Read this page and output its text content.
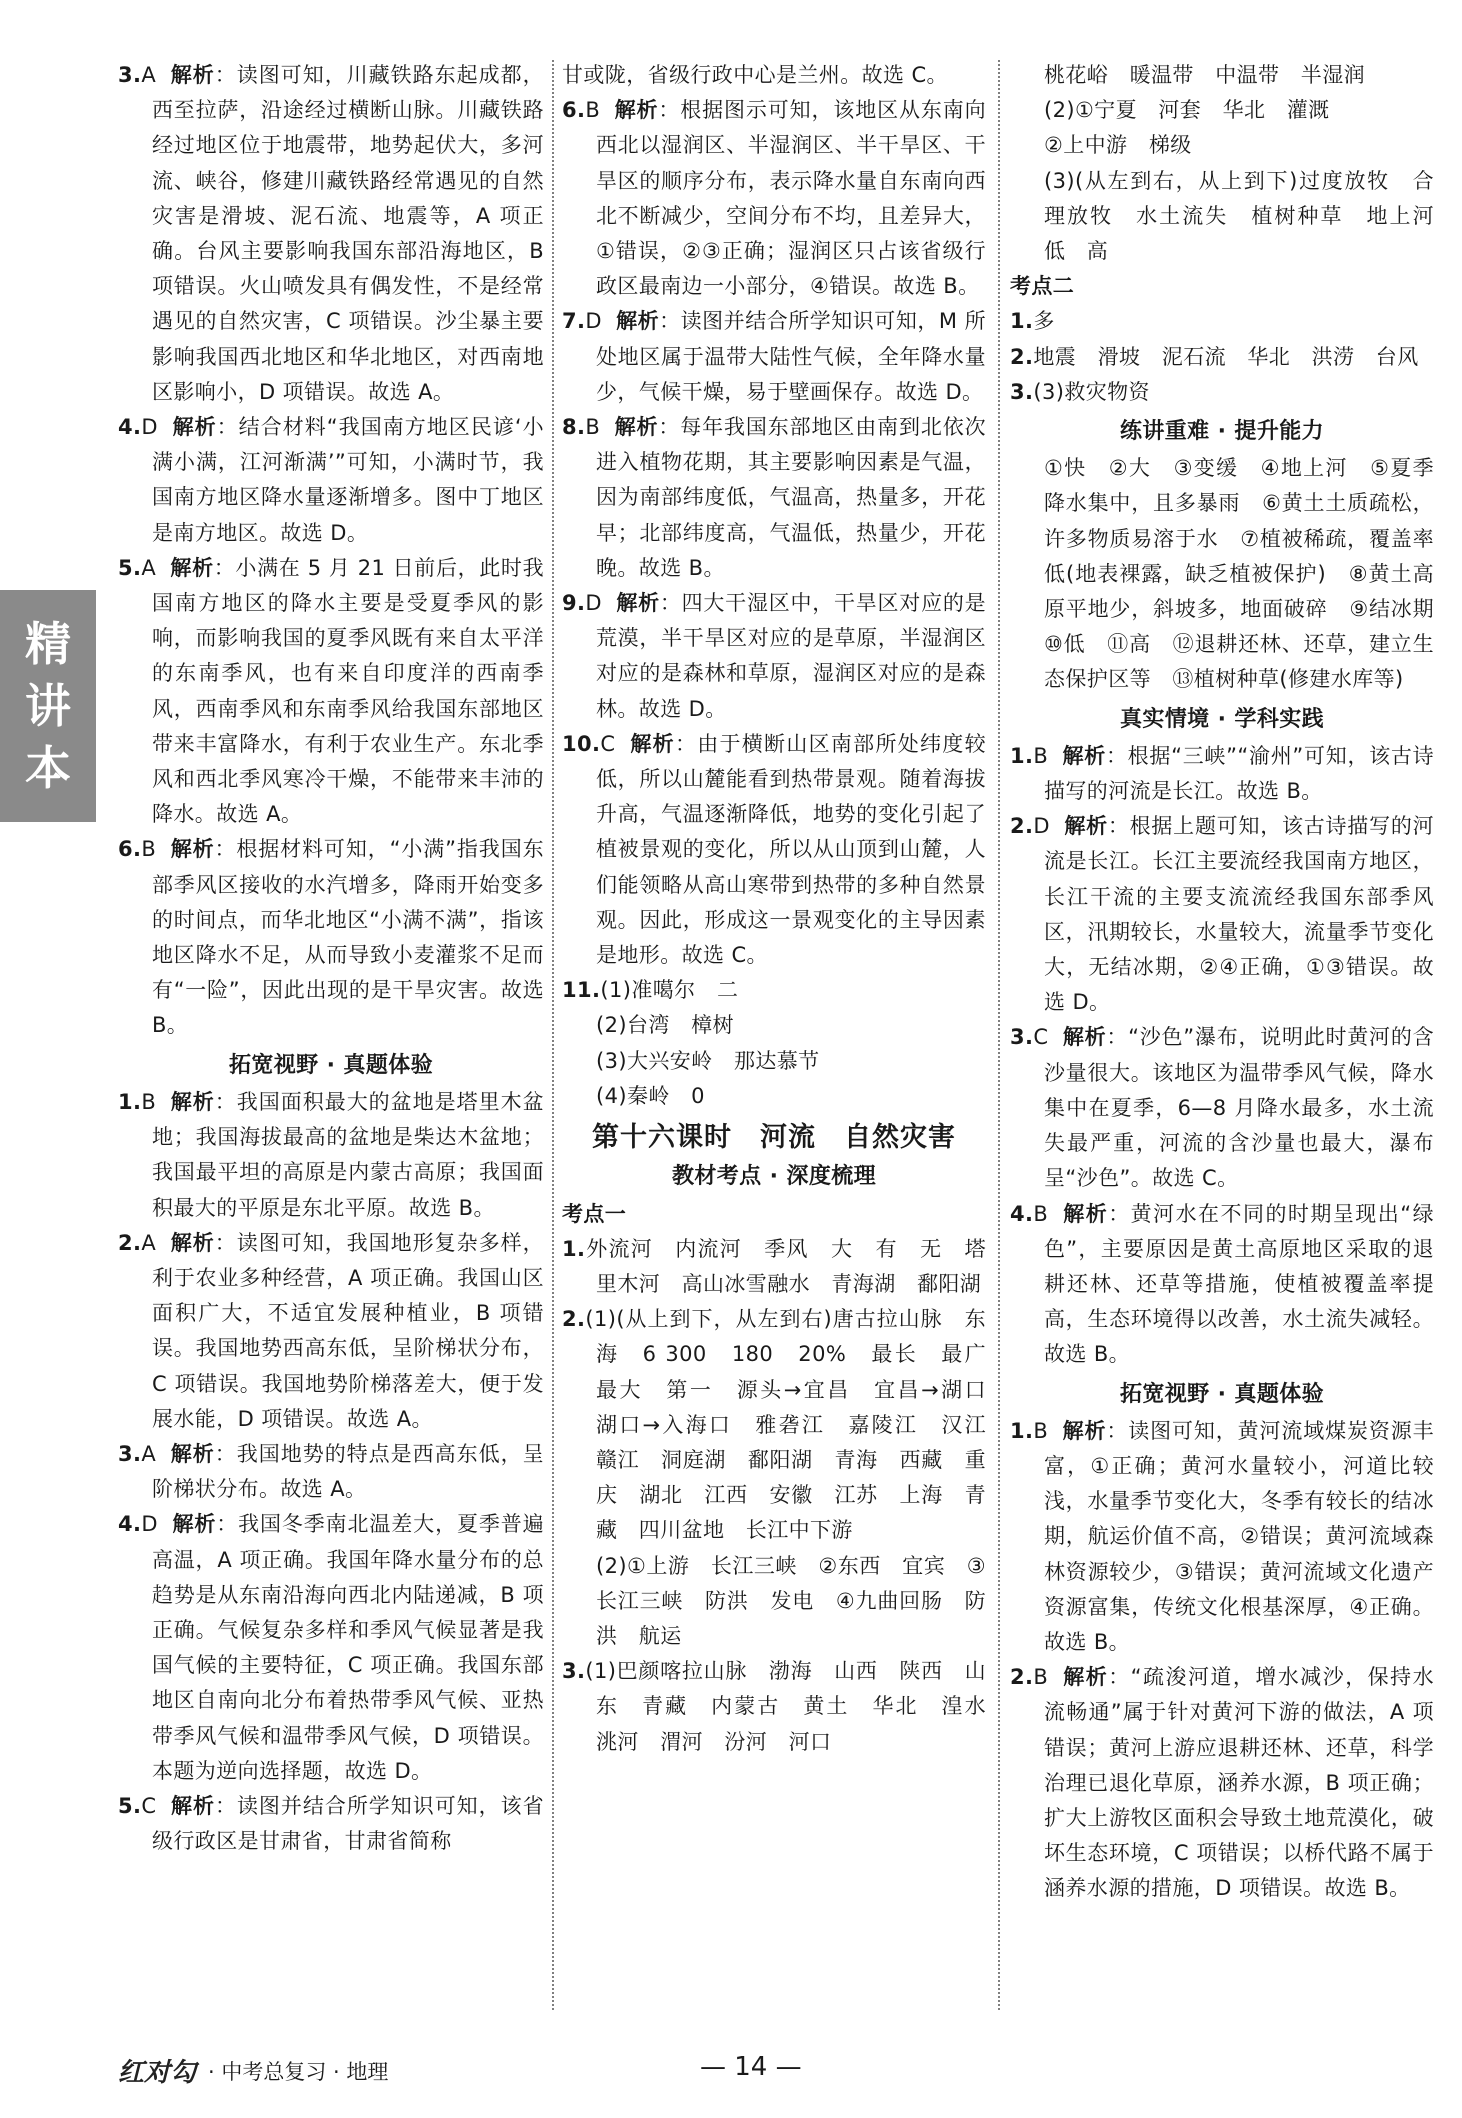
精
讲
本
3.A 解析：读图可知，川藏铁路东起成都，西至拉萨，沿途经过横断山脉。川藏铁路经过地区位于地震带，地势起伏大，多河流、峡谷，修建川藏铁路经常遇见的自然灾害是滑坡、泥石流、地震等，A 项正确。台风主要影响我国东部沿海地区，B 项错误。火山喷发具有偶发性，不是经常遇见的自然灾害，C 项错误。沙尘暴主要影响我国西北地区和华北地区，对西南地区影响小，D 项错误。故选 A。
4.D 解析：结合材料“我国南方地区民谚‘小满小满，江河渐满’”可知，小满时节，我国南方地区降水量逐渐增多。图中丁地区是南方地区。故选 D。
5.A 解析：小满在 5 月 21 日前后，此时我国南方地区的降水主要是受夏季风的影响，而影响我国的夏季风既有来自太平洋的东南季风，也有来自印度洋的西南季风，西南季风和东南季风给我国东部地区带来丰富降水，有利于农业生产。东北季风和西北季风寒冷干燥，不能带来丰沛的降水。故选 A。
6.B 解析：根据材料可知，“小满”指我国东部季风区接收的水汽增多，降雨开始变多的时间点，而华北地区“小满不满”，指该地区降水不足，从而导致小麦灌浆不足而有“一险”，因此出现的是干旱灾害。故选 B。
拓宽视野 · 真题体验
1.B 解析：我国面积最大的盆地是塔里木盆地；我国海拔最高的盆地是柴达木盆地；我国最平坦的高原是内蒙古高原；我国面积最大的平原是东北平原。故选 B。
2.A 解析：读图可知，我国地形复杂多样，利于农业多种经营，A 项正确。我国山区面积广大，不适宜发展种植业，B 项错误。我国地势西高东低，呈阶梯状分布，C 项错误。我国地势阶梯落差大，便于发展水能，D 项错误。故选 A。
3.A 解析：我国地势的特点是西高东低，呈阶梯状分布。故选 A。
4.D 解析：我国冬季南北温差大，夏季普遍高温，A 项正确。我国年降水量分布的总趋势是从东南沿海向西北内陆递减，B 项正确。气候复杂多样和季风气候显著是我国气候的主要特征，C 项正确。我国东部地区自南向北分布着热带季风气候、亚热带季风气候和温带季风气候，D 项错误。本题为逆向选择题，故选 D。
5.C 解析：读图并结合所学知识可知，该省级行政区是甘肃省，甘肃省简称
甘或陇，省级行政中心是兰州。故选 C。
6.B 解析：根据图示可知，该地区从东南向西北以湿润区、半湿润区、半干旱区、干旱区的顺序分布，表示降水量自东南向西北不断减少，空间分布不均，且差异大，①错误，②③正确；湿润区只占该省级行政区最南边一小部分，④错误。故选 B。
7.D 解析：读图并结合所学知识可知，M 所处地区属于温带大陆性气候，全年降水量少，气候干燥，易于壁画保存。故选 D。
8.B 解析：每年我国东部地区由南到北依次进入植物花期，其主要影响因素是气温，因为南部纬度低，气温高，热量多，开花早；北部纬度高，气温低，热量少，开花晚。故选 B。
9.D 解析：四大干湿区中，干旱区对应的是荒漠，半干旱区对应的是草原，半湿润区对应的是森林和草原，湿润区对应的是森林。故选 D。
10.C 解析：由于横断山区南部所处纬度较低，所以山麓能看到热带景观。随着海拔升高，气温逐渐降低，地势的变化引起了植被景观的变化，所以从山顶到山麓，人们能领略从高山寒带到热带的多种自然景观。因此，形成这一景观变化的主导因素是地形。故选 C。
11.(1)准噶尔　二
(2)台湾　樟树
(3)大兴安岭　那达慕节
(4)秦岭　0
第十六课时　河流　自然灾害
教材考点 · 深度梳理
考点一
1.外流河　内流河　季风　大　有　无　塔里木河　高山冰雪融水　青海湖　鄱阳湖
2.(1)(从上到下，从左到右)唐古拉山脉　东海　6 300　180　20%　最长　最广　最大　第一　源头→宜昌　宜昌→湖口　湖口→入海口　雅砻江　嘉陵江　汉江　赣江　洞庭湖　鄱阳湖　青海　西藏　重庆　湖北　江西　安徽　江苏　上海　青藏　四川盆地　长江中下游
(2)①上游　长江三峡　②东西　宜宾　③长江三峡　防洪　发电　④九曲回肠　防洪　航运
3.(1)巴颜喀拉山脉　渤海　山西　陕西　山东　青藏　内蒙古　黄土　华北　湟水　洮河　渭河　汾河　河口
桃花峪　暖温带　中温带　半湿润
(2)①宁夏　河套　华北　灌溉
②上中游　梯级
(3)(从左到右，从上到下)过度放牧　合理放牧　水土流失　植树种草　地上河　低　高
考点二
1.多
2.地震　滑坡　泥石流　华北　洪涝　台风
3.(3)救灾物资
练讲重难 · 提升能力
①快　②大　③变缓　④地上河　⑤夏季降水集中，且多暴雨　⑥黄土土质疏松，许多物质易溶于水　⑦植被稀疏，覆盖率低(地表裸露，缺乏植被保护)　⑧黄土高原平地少，斜坡多，地面破碎　⑨结冰期　⑩低　⑪高　⑫退耕还林、还草，建立生态保护区等　⑬植树种草(修建水库等)
真实情境 · 学科实践
1.B 解析：根据“三峡”“渝州”可知，该古诗描写的河流是长江。故选 B。
2.D 解析：根据上题可知，该古诗描写的河流是长江。长江主要流经我国南方地区，长江干流的主要支流流经我国东部季风区，汛期较长，水量较大，流量季节变化大，无结冰期，②④正确，①③错误。故选 D。
3.C 解析：“沙色”瀑布，说明此时黄河的含沙量很大。该地区为温带季风气候，降水集中在夏季，6—8 月降水最多，水土流失最严重，河流的含沙量也最大，瀑布呈“沙色”。故选 C。
4.B 解析：黄河水在不同的时期呈现出“绿色”，主要原因是黄土高原地区采取的退耕还林、还草等措施，使植被覆盖率提高，生态环境得以改善，水土流失减轻。故选 B。
拓宽视野 · 真题体验
1.B 解析：读图可知，黄河流域煤炭资源丰富，①正确；黄河水量较小，河道比较浅，水量季节变化大，冬季有较长的结冰期，航运价值不高，②错误；黄河流域森林资源较少，③错误；黄河流域文化遗产资源富集，传统文化根基深厚，④正确。故选 B。
2.B 解析：“疏浚河道，增水减沙，保持水流畅通”属于针对黄河下游的做法，A 项错误；黄河上游应退耕还林、还草，科学治理已退化草原，涵养水源，B 项正确；扩大上游牧区面积会导致土地荒漠化，破坏生态环境，C 项错误；以桥代路不属于涵养水源的措施，D 项错误。故选 B。
红对勾 · 中考总复习 · 地理	— 14 —
